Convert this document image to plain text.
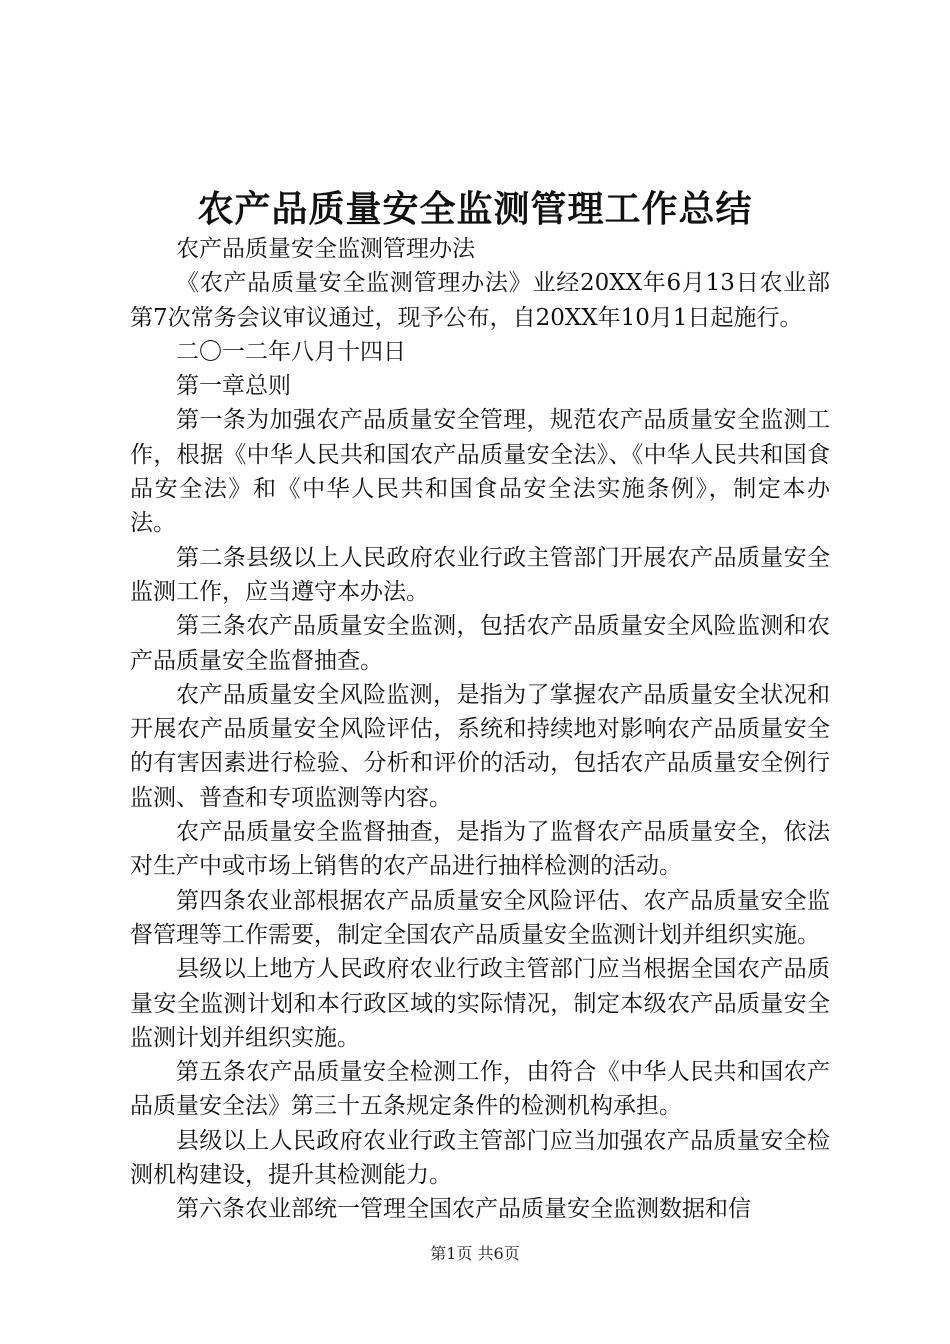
农产品质量安全监测管理工作总结

农产品质量安全监测管理办法

《农产品质量安全监测管理办法》业经20XX年6月13日农业部第7次常务会议审议通过，现予公布，自20XX年10月1日起施行。

二〇一二年八月十四日

第一章总则

第一条为加强农产品质量安全管理，规范农产品质量安全监测工作，根据《中华人民共和国农产品质量安全法》、《中华人民共和国食品安全法》和《中华人民共和国食品安全法实施条例》，制定本办法。

第二条县级以上人民政府农业行政主管部门开展农产品质量安全监测工作，应当遵守本办法。

第三条农产品质量安全监测，包括农产品质量安全风险监测和农产品质量安全监督抽查。

农产品质量安全风险监测，是指为了掌握农产品质量安全状况和开展农产品质量安全风险评估，系统和持续地对影响农产品质量安全的有害因素进行检验、分析和评价的活动，包括农产品质量安全例行监测、普查和专项监测等内容。

农产品质量安全监督抽查，是指为了监督农产品质量安全，依法对生产中或市场上销售的农产品进行抽样检测的活动。

第四条农业部根据农产品质量安全风险评估、农产品质量安全监督管理等工作需要，制定全国农产品质量安全监测计划并组织实施。

县级以上地方人民政府农业行政主管部门应当根据全国农产品质量安全监测计划和本行政区域的实际情况，制定本级农产品质量安全监测计划并组织实施。

第五条农产品质量安全检测工作，由符合《中华人民共和国农产品质量安全法》第三十五条规定条件的检测机构承担。

县级以上人民政府农业行政主管部门应当加强农产品质量安全检测机构建设，提升其检测能力。

第六条农业部统一管理全国农产品质量安全监测数据和信

第1页 共6页
